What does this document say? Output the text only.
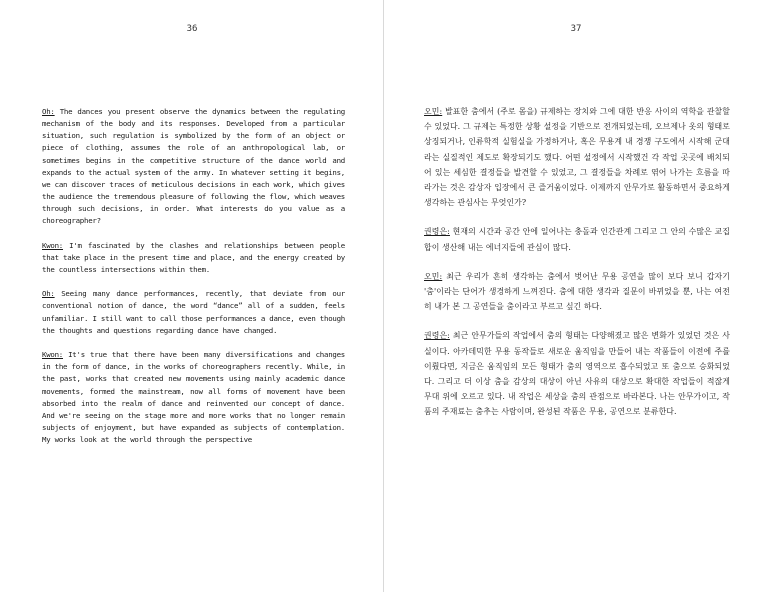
36

Oh: The dances you present observe the dynamics between the regulating mechanism of the body and its responses. Developed from a particular situation, such regulation is symbolized by the form of an object or piece of clothing, assumes the role of an anthropological lab, or sometimes begins in the competitive structure of the dance world and expands to the actual system of the army. In whatever setting it begins, we can discover traces of meticulous decisions in each work, which gives the audience the tremendous pleasure of following the flow, which weaves through such decisions, in order. What interests do you value as a choreographer?

Kwon: I'm fascinated by the clashes and relationships between people that take place in the present time and place, and the energy created by the countless intersections within them.

Oh: Seeing many dance performances, recently, that deviate from our conventional notion of dance, the word “dance” all of a sudden, feels unfamiliar. I still want to call those performances a dance, even though the thoughts and questions regarding dance have changed.

Kwon: It's true that there have been many diversifications and changes in the form of dance, in the works of choreographers recently. While, in the past, works that created new movements using mainly academic dance movements, formed the mainstream, now all forms of movement have been absorbed into the realm of dance and reinvented our concept of dance. And we're seeing on the stage more and more works that no longer remain subjects of enjoyment, but have expanded as subjects of contemplation. My works look at the world through the perspective

37

오민: 발표한 춤에서 (주로 몸을) 규제하는 장치와 그에 대한 반응 사이의 역학을 관찰할 수 있었다. 그 규제는 특정한 상황 설정을 기반으로 전개되었는데, 오브제나 옷의 형태로 상징되거나, 인류학적 실험실을 가정하거나, 혹은 무용계 내 경쟁 구도에서 시작해 군대라는 실질적인 제도로 확장되기도 했다. 어떤 설정에서 시작했건 각 작업 곳곳에 배치되어 있는 세심한 결정들을 발견할 수 있었고, 그 결정들을 차례로 엮어 나가는 흐름을 따라가는 것은 감상자 입장에서 큰 즐거움이었다. 이제까지 안무가로 활동하면서 중요하게 생각하는 관심사는 무엇인가?

권령은: 현재의 시간과 공간 안에 일어나는 충돌과 인간관계 그리고 그 안의 수많은 교집합이 생산해 내는 에너지들에 관심이 많다.

오민: 최근 우리가 흔히 생각하는 춤에서 벗어난 무용 공연을 많이 보다 보니 갑자기 '춤'이라는 단어가 생경하게 느껴진다. 춤에 대한 생각과 질문이 바뀌었을 뿐, 나는 여전히 내가 본 그 공연들을 춤이라고 부르고 싶긴 하다.

권령은: 최근 안무가들의 작업에서 춤의 형태는 다양해졌고 많은 변화가 있었던 것은 사실이다. 아카데믹한 무용 동작들로 새로운 움직임을 만들어 내는 작품들이 이전에 주를 이뤘다면, 지금은 움직임의 모든 형태가 춤의 영역으로 흡수되었고 또 춤으로 승화되었다. 그리고 더 이상 춤을 감상의 대상이 아닌 사유의 대상으로 확대한 작업들이 적잖게 무대 위에 오르고 있다. 내 작업은 세상을 춤의 관점으로 바라본다. 나는 안무가이고, 작품의 주재료는 춤추는 사람이며, 완성된 작품은 무용, 공연으로 분류한다.
